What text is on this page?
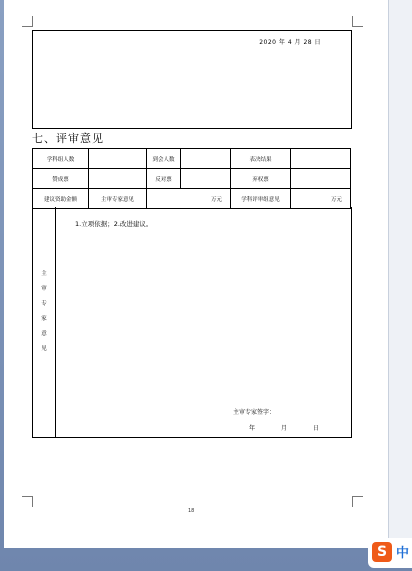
2020 年 4 月 28 日
七、评审意见
学科组人数		到会人数		表决结果	
赞成票		反对票		弃权票	
建议资助金额	主审专家意见	万元		学科评审组意见	万元
主
审
专
家
意
见
1.立项依据；2.改进建议。
主审专家签字：
年	月	日
18
S 中
